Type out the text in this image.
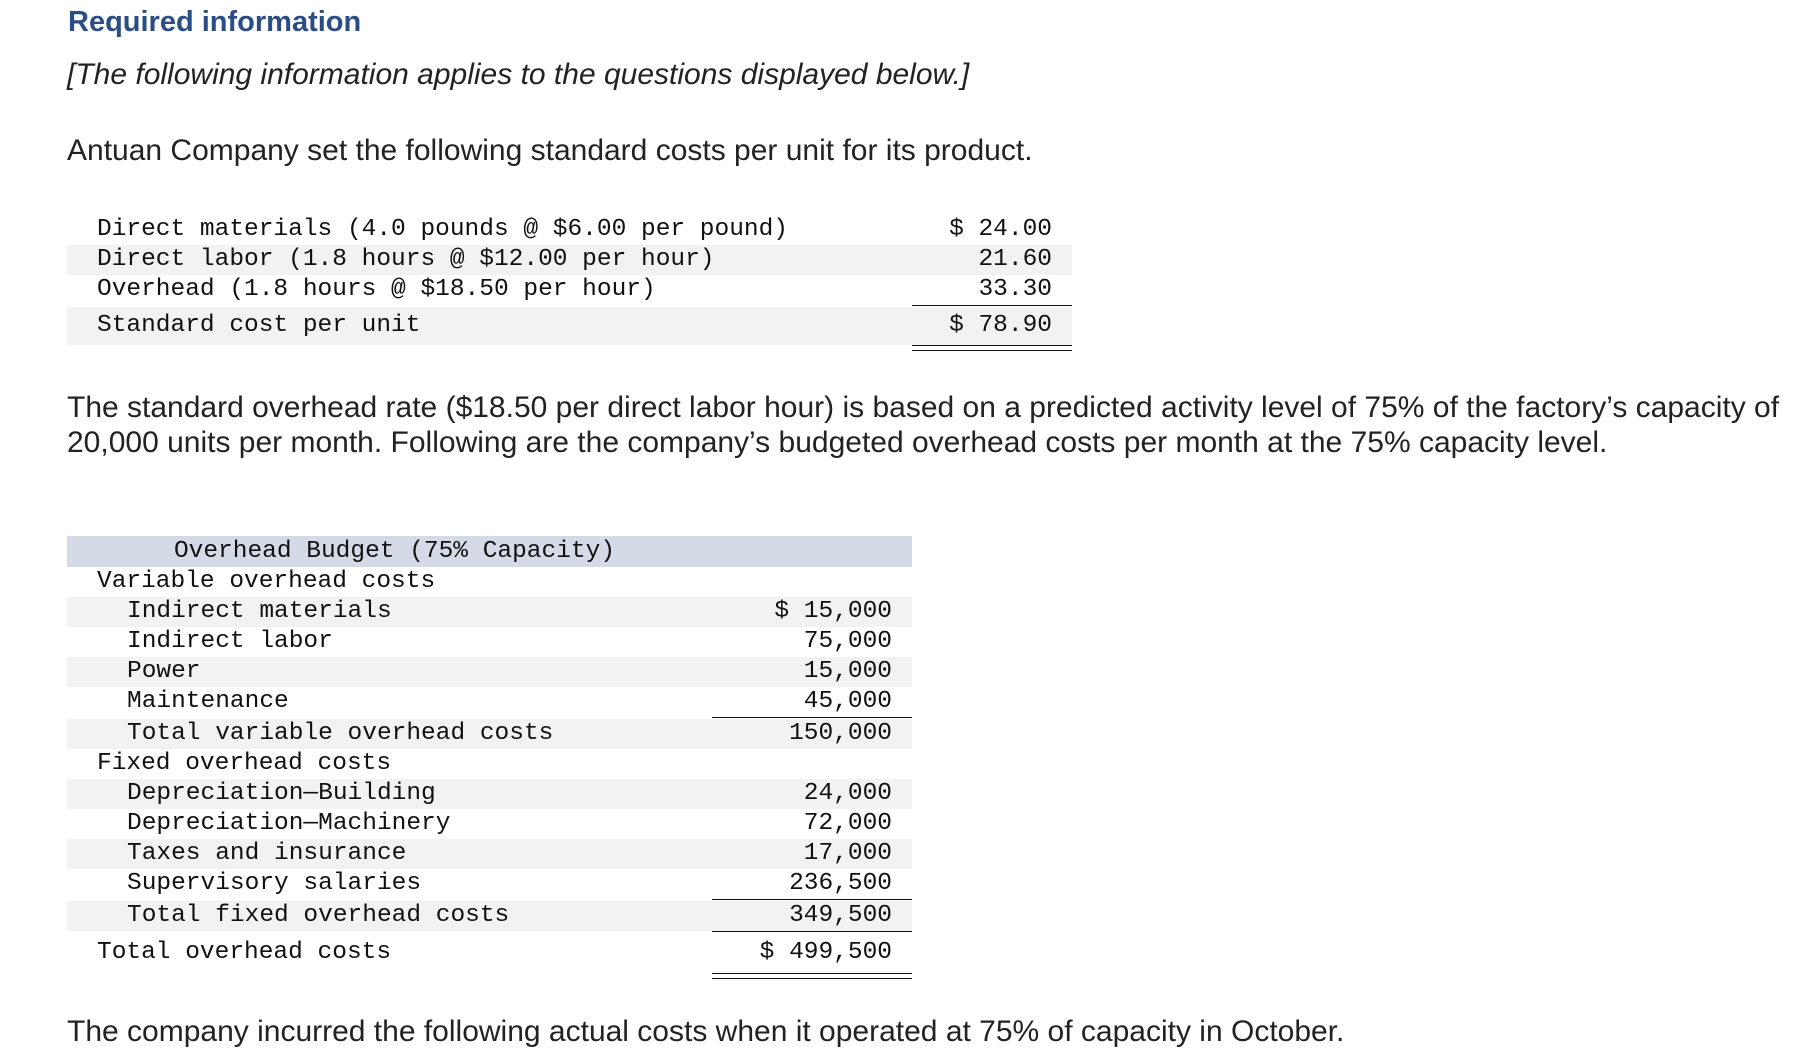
Required information
[The following information applies to the questions displayed below.]
Antuan Company set the following standard costs per unit for its product.
Direct materials (4.0 pounds @ $6.00 per pound)	$ 24.00
Direct labor (1.8 hours @ $12.00 per hour)	21.60
Overhead (1.8 hours @ $18.50 per hour)	33.30
Standard cost per unit	$ 78.90
The standard overhead rate ($18.50 per direct labor hour) is based on a predicted activity level of 75% of the factory’s capacity of 20,000 units per month. Following are the company’s budgeted overhead costs per month at the 75% capacity level.
Overhead Budget (75% Capacity)
Variable overhead costs
Indirect materials	$ 15,000
Indirect labor	75,000
Power	15,000
Maintenance	45,000
Total variable overhead costs	150,000
Fixed overhead costs
Depreciation—Building	24,000
Depreciation—Machinery	72,000
Taxes and insurance	17,000
Supervisory salaries	236,500
Total fixed overhead costs	349,500
Total overhead costs	$ 499,500
The company incurred the following actual costs when it operated at 75% of capacity in October.
